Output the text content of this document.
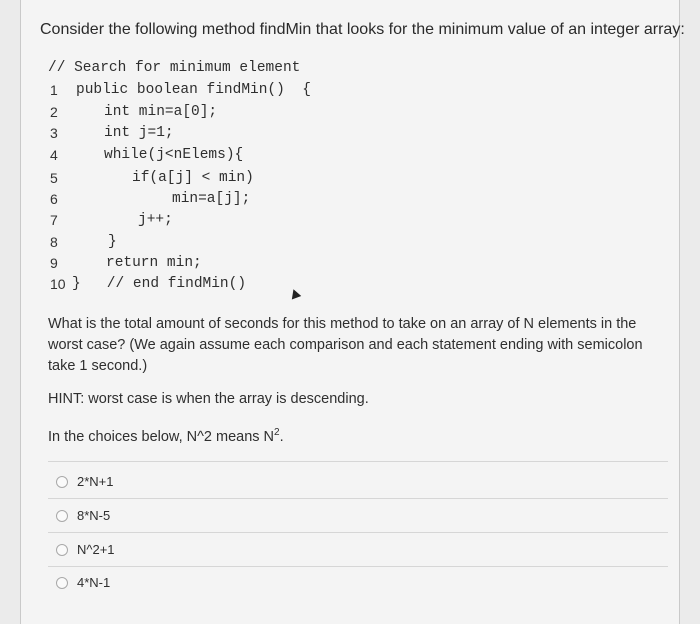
Consider the following method findMin that looks for the minimum value of an integer array:
// Search for minimum element
1 public boolean findMin()  {
2	int min=a[0];
3	int j=1;
4	while(j<nElems){
5	if(a[j] < min)
6	min=a[j];
7	j++;
8	}
9	return min;
10 }   // end findMin()
What is the total amount of seconds for this method to take on an array of N elements in the worst case? (We again assume each comparison and each statement ending with semicolon take 1 second.)
HINT: worst case is when the array is descending.
In the choices below, N^2 means $N^2$.
2*N+1
8*N-5
N^2+1
4*N-1
